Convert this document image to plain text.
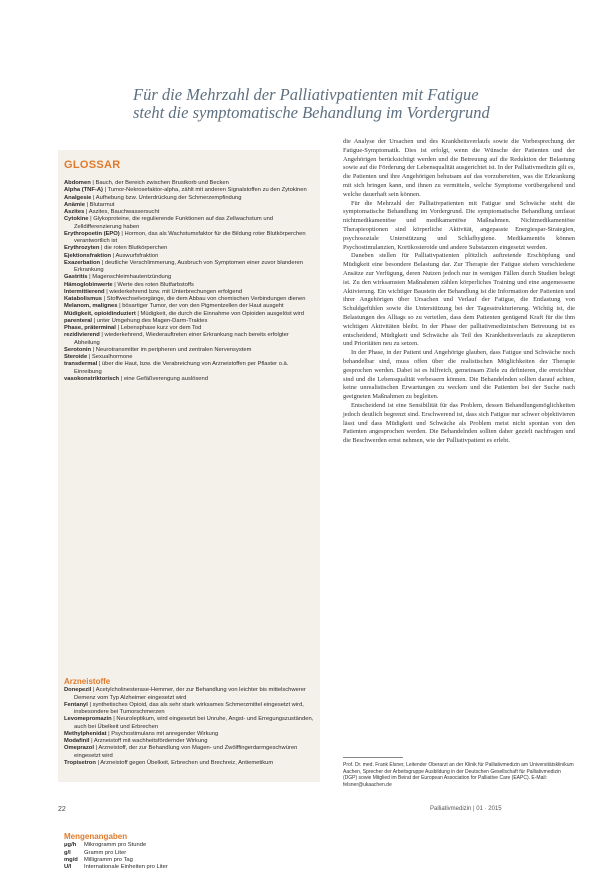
Für die Mehrzahl der Palliativpatienten mit Fatigue
steht die symptomatische Behandlung im Vordergrund
GLOSSAR
Abdomen | Bauch, der Bereich zwischen Brustkorb und Becken
Alpha (TNF-A) | Tumor-Nekrosefaktor-alpha, zählt mit anderen Signalstoffen zu den Zytokinen
Analgesie | Aufhebung bzw. Unterdrückung der Schmerzempfindung
Anämie | Blutarmut
Aszites | Aszites, Bauchwassersucht
Cytokine | Glykoproteine, die regulierende Funktionen auf das Zellwachstum und Zelldifferenzierung haben
Erythropoetin (EPO) | Hormon, das als Wachstumsfaktor für die Bildung roter Blutkörperchen verantwortlich ist
Erythrozyten | die roten Blutkörperchen
Ejektionsfraktion | Auswurfsfraktion
Exazerbation | deutliche Verschlimmerung, Ausbruch von Symptomen einer zuvor blanderen Erkrankung
Gastritis | Magenschleimhautentzündung
Hämoglobinwerte | Werte des roten Blutfarbstoffs
Intermittierend | wiederkehrend bzw. mit Unterbrechungen erfolgend
Katabolismus | Stoffwechselvorgänge, die dem Abbau von chemischen Verbindungen dienen
Melanom, malignes | bösartiger Tumor, der von den Pigmentzellen der Haut ausgeht
Müdigkeit, opioidinduziert | Müdigkeit, die durch die Einnahme von Opioiden ausgelöst wird
parenteral | unter Umgehung des Magen-Darm-Traktes
Phase, präterminal | Lebensphase kurz vor dem Tod
rezidivierend | wiederkehrend, Wiederauftreten einer Erkrankung nach bereits erfolgter Abheilung
Serotonin | Neurotransmitter im peripheren und zentralen Nervensystem
Steroide | Sexualhormone
transdermal | über die Haut, bzw. die Verabreichung von Arzneistoffen per Pflaster o.ä. Einreibung
vasokonstriktorisch | eine Gefäßverengung auslösend
Arzneistoffe
Donepezil | Acetylcholinesterase-Hemmer, der zur Behandlung von leichter bis mittelschwerer Demenz vom Typ Alzheimer eingesetzt wird
Fentanyl | synthetisches Opioid, das als sehr stark wirksames Schmerzmittel eingesetzt wird, insbesondere bei Tumorschmerzen
Levomepromazin | Neuroleptikum, wird eingesetzt bei Unruhe, Angst- und Erregungszuständen, auch bei Übelkeit und Erbrechen
Methylphenidat | Psychostimulans mit anregender Wirkung
Modafinil | Arzneistoff mit wachheitsfördernder Wirkung
Omeprazol | Arzneistoff, der zur Behandlung von Magen- und Zwölffingerdarmgeschwüren eingesetzt wird
Tropisetron | Arzneistoff gegen Übelkeit, Erbrechen und Brechreiz, Antiemetikum
Mengenangaben
μg/h	Mikrogramm pro Stunde
g/l	Gramm pro Liter
mg/d	Milligramm pro Tag
U/l	Internationale Einheiten pro Liter

die Analyse der Ursachen und des Krankheitsverlaufs sowie die Vorbesprechung der Fatigue-Symptomatik. Dies ist erfolgt, wenn die Wünsche der Patienten und der Angehörigen berücksichtigt werden und die Betreuung auf die Reduktion der Belastung sowie auf die Förderung der Lebensqualität ausgerichtet ist. In der Palliativmedizin gilt es, die Patienten und ihre Angehörigen behutsam auf das vorzubereiten, was die Erkrankung mit sich bringen kann, und ihnen zu vermitteln, welche Symptome vorübergehend und welche dauerhaft sein können.

Für die Mehrzahl der Palliativpatienten mit Fatigue und Schwäche steht die symptomatische Behandlung im Vordergrund. Die symptomatische Behandlung umfasst nichtmedikamentöse und medikamentöse Maßnahmen. Nichtmedikamentöse Therapieoptionen sind körperliche Aktivität, angepasste Energiespar-Strategien, psychosoziale Unterstützung und Schlafhygiene. Medikamentös können Psychostimulanzien, Kortikosteroide und andere Substanzen eingesetzt werden.

Daneben stellen für Palliativpatienten plötzlich auftretende Erschöpfung und Müdigkeit eine besondere Belastung dar. Zur Therapie der Fatigue stehen verschiedene Ansätze zur Verfügung, deren Nutzen jedoch nur in wenigen Fällen durch Studien belegt ist. Zu den wirksamsten Maßnahmen zählen körperliches Training und eine angemessene Aktivierung. Ein wichtiger Baustein der Behandlung ist die Information der Patienten und ihrer Angehörigen über Ursachen und Verlauf der Fatigue, die Entlastung von Schuldgefühlen sowie die Unterstützung bei der Tagesstrukturierung. Wichtig ist, die Belastungen des Alltags so zu verteilen, dass dem Patienten genügend Kraft für die ihm wichtigen Aktivitäten bleibt. In der Phase der palliativmedizinischen Betreuung ist es entscheidend, Müdigkeit und Schwäche als Teil des Krankheitsverlaufs zu akzeptieren und Prioritäten neu zu setzen.

In der Phase, in der Patient und Angehörige glauben, dass Fatigue und Schwäche noch behandelbar sind, muss offen über die realistischen Möglichkeiten der Therapie gesprochen werden. Dabei ist es hilfreich, gemeinsam Ziele zu definieren, die erreichbar sind und die Lebensqualität verbessern können. Die Behandelnden sollten darauf achten, keine unrealistischen Erwartungen zu wecken und die Patienten bei der Suche nach geeigneten Maßnahmen zu begleiten.

Entscheidend ist eine Sensibilität für das Problem, dessen Behandlungsmöglichkeiten jedoch deutlich begrenzt sind. Erschwerend ist, dass sich Fatigue nur schwer objektivieren lässt und dass Müdigkeit und Schwäche als Problem meist nicht spontan von den Patienten angesprochen werden. Die Behandelnden sollten daher gezielt nachfragen und die Beschwerden ernst nehmen, wie der Palliativpatient es erlebt.

Prof. Dr. med. Frank Elsner, Leitender Oberarzt an der Klinik für Palliativmedizin am Universitätsklinikum Aachen, Sprecher der Arbeitsgruppe Ausbildung in der Deutschen Gesellschaft für Palliativmedizin (DGP) sowie Mitglied im Beirat der European Association for Palliative Care (EAPC). E-Mail: felsner@ukaachen.de
22	Palliativmedizin | 01 · 2015
